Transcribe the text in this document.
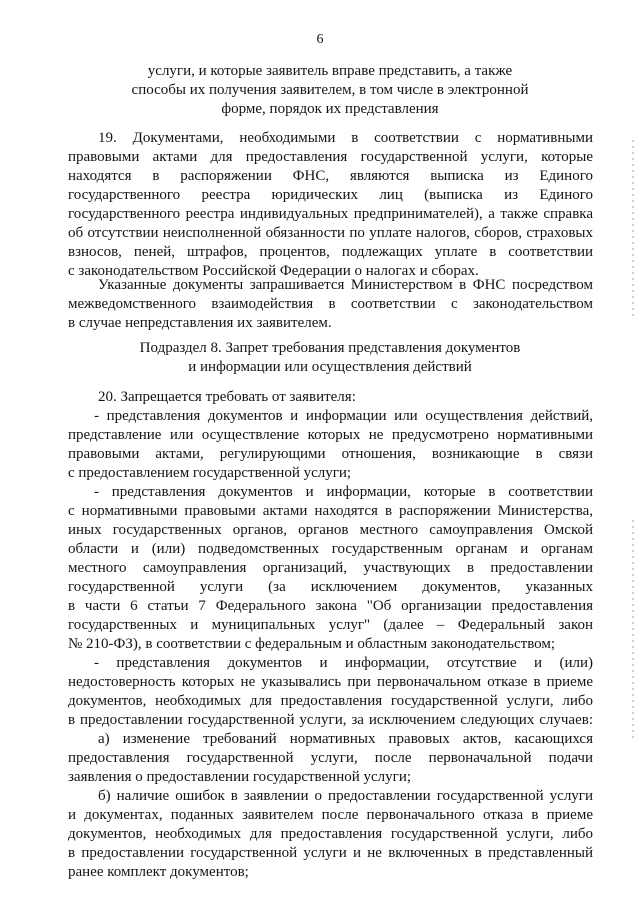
6
услуги, и которые заявитель вправе представить, а также
способы их получения заявителем, в том числе в электронной
форме, порядок их представления
19. Документами, необходимыми в соответствии с нормативными
правовыми актами для предоставления государственной услуги, которые
находятся в распоряжении ФНС, являются выписка из Единого
государственного реестра юридических лиц (выписка из Единого
государственного реестра индивидуальных предпринимателей), а также справка
об отсутствии неисполненной обязанности по уплате налогов, сборов, страховых
взносов, пеней, штрафов, процентов, подлежащих уплате в соответствии
с законодательством Российской Федерации о налогах и сборах.
Указанные документы запрашивается Министерством в ФНС посредством
межведомственного взаимодействия в соответствии с законодательством
в случае непредставления их заявителем.
Подраздел 8. Запрет требования представления документов
и информации или осуществления действий
20. Запрещается требовать от заявителя:
- представления документов и информации или осуществления действий,
представление или осуществление которых не предусмотрено нормативными
правовыми актами, регулирующими отношения, возникающие в связи
с предоставлением государственной услуги;
- представления документов и информации, которые в соответствии
с нормативными правовыми актами находятся в распоряжении Министерства,
иных государственных органов, органов местного самоуправления Омской
области и (или) подведомственных государственным органам и органам
местного самоуправления организаций, участвующих в предоставлении
государственной услуги (за исключением документов, указанных
в части 6 статьи 7 Федерального закона "Об организации предоставления
государственных и муниципальных услуг" (далее – Федеральный закон
№ 210-ФЗ), в соответствии с федеральным и областным законодательством;
- представления документов и информации, отсутствие и (или)
недостоверность которых не указывались при первоначальном отказе в приеме
документов, необходимых для предоставления государственной услуги, либо
в предоставлении государственной услуги, за исключением следующих случаев:
а) изменение требований нормативных правовых актов, касающихся
предоставления государственной услуги, после первоначальной подачи
заявления о предоставлении государственной услуги;
б) наличие ошибок в заявлении о предоставлении государственной услуги
и документах, поданных заявителем после первоначального отказа в приеме
документов, необходимых для предоставления государственной услуги, либо
в предоставлении государственной услуги и не включенных в представленный
ранее комплект документов;
